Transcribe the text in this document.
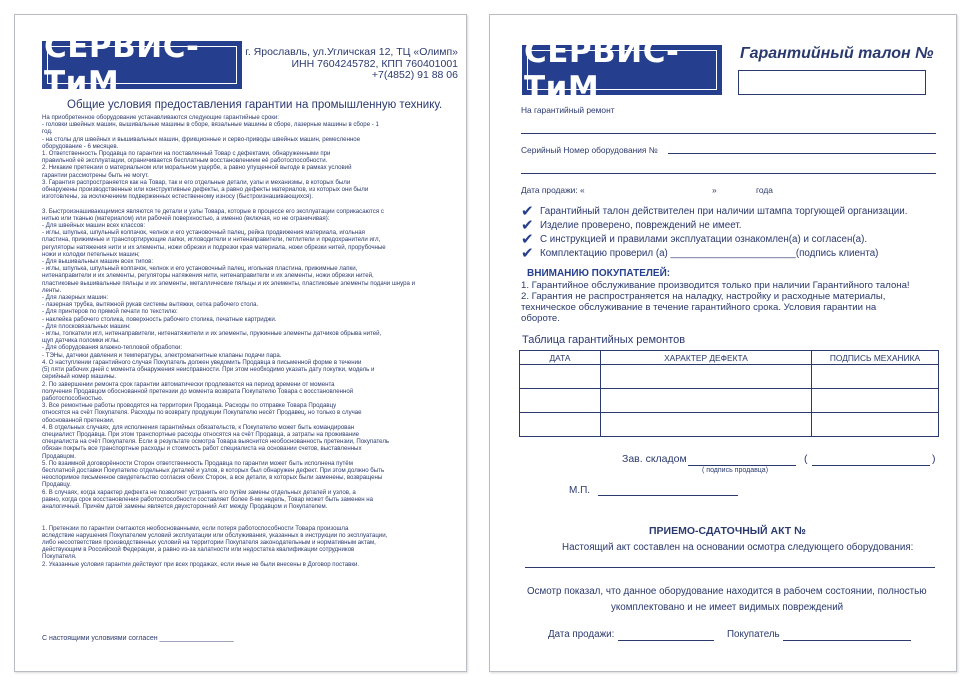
СЕРВИС-ТиМ
г. Ярославль, ул.Угличская 12, ТЦ «Олимп»
ИНН 7604245782, КПП 760401001
+7(4852) 91 88 06
Общие условия предоставления гарантии на промышленную технику.
На приобретенное оборудование устанавливаются следующие гарантийные сроки:
- головки швейных машин, вышивальные машины в сборе, вязальные машины в сборе, лазерные машины в сборе - 1
год.
- на столы для швейных и вышивальных машин, фрикционные и серво-приводы швейных машин, ремесленное
оборудование - 6 месяцев.
1. Ответственность Продавца по гарантии на поставленный Товар с дефектами, обнаруженными при
правильной её эксплуатации, ограничивается бесплатным восстановлением её работоспособности.
2. Никакие претензии о материальном или моральном ущербе, а равно упущенной выгоде в рамках условий
гарантии рассмотрены быть не могут.
3. Гарантия распространяется как на Товар, так и его отдельные детали, узлы и механизмы, в которых были
обнаружены производственные или конструктивные дефекты, а равно дефекты материалов, из которых они были
изготовлены, за исключением подверженных естественному износу (быстроизнашивающихся).
3. Быстроизнашивающимися являются те детали и узлы Товара, которые в процессе его эксплуатации соприкасаются с
нитью или тканью (материалом) или рабочей поверхностью, а именно (включая, но не ограничивая):
- Для швейных машин всех классов:
- иглы, шпулька, шпульный колпачок, челнок и его установочный палец, рейка продвижения материала, игольная
пластина, прижимные и транспортирующие лапки, игловодители и нитенаправители, петлители и предохранители игл,
регуляторы натяжения нити и их элементы, ножи обрезки и подрезки края материала, ножи обрезки нитей, прорубочные
ножи и колодки петельных машин;
- Для вышивальных машин всех типов:
- иглы, шпулька, шпульный колпачок, челнок и его установочный палец, игольная пластина, прижимные лапки,
нитенаправители и их элементы, регуляторы натяжения нити, нитенаправители и их элементы, ножи обрезки нитей,
пластиковые вышивальные пяльцы и их элементы, металлические пяльцы и их элементы, пластиковые элементы подачи шнура и
ленты.
- Для лазерных машин:
- лазерная трубка, вытяжной рукав системы вытяжки, сетка рабочего стола.
- Для принтеров по прямой печати по текстилю:
- наклейка рабочего столика, поверхность рабочего столика, печатные картриджи.
- Для плосковязальных машин:
- иглы, толкатели игл, нитенаправители, нитенатяжители и их элементы, пружинные элементы датчиков обрыва нитей,
щуп датчика поломки иглы.
- Для оборудования влажно-тепловой обработки:
- ТЭНы, датчики давления и температуры, электромагнитные клапаны подачи пара.
4. О наступлении гарантийного случая Покупатель должен уведомить Продавца в письменной форме в течении
(5) пяти рабочих дней с момента обнаружения неисправности. При этом необходимо указать дату покупки, модель и
серийный номер машины.
2. По завершении ремонта срок гарантии автоматически продлевается на период времени от момента
получения Продавцом обоснованной претензии до момента возврата Покупателю Товара с восстановленной
работоспособностью.
3. Все ремонтные работы проводятся на территории Продавца. Расходы по отправке Товара Продавцу
относятся на счёт Покупателя. Расходы по возврату продукции Покупателю несёт Продавец, но только в случае
обоснованной претензии.
4. В отдельных случаях, для исполнения гарантийных обязательств, к Покупателю может быть командирован
специалист Продавца. При этом транспортные расходы относятся на счёт Продавца, а затраты на проживание
специалиста на счёт Покупателя. Если в результате осмотра Товара выяснится необоснованность претензии, Покупатель
обязан покрыть все транспортные расходы и стоимость работ специалиста на основании счетов, выставленных
Продавцом.
5. По взаимной договорённости Сторон ответственность Продавца по гарантии может быть исполнена путём
бесплатной доставки Покупателю отдельных деталей и узлов, в которых был обнаружен дефект. При этом должно быть
неоспоримое письменное свидетельство согласия обеих Сторон, а все детали, в которых были заменены, возвращены
Продавцу.
6. В случаях, когда характер дефекта не позволяет устранить его путём замены отдельных деталей и узлов, а
равно, когда срок восстановления работоспособности составляет более 8-ми недель, Товар может быть заменен на
аналогичный. Причём датой замены является двухсторонний Акт между Продавцом и Покупателем.
1. Претензии по гарантии считаются необоснованными, если потеря работоспособности Товара произошла
вследствие нарушения Покупателем условий эксплуатации или обслуживания, указанных в инструкции по эксплуатации,
либо несоответствия производственных условий на территории Покупателя законодательным и нормативным актам,
действующим в Российской Федерации, а равно из-за халатности или недостатка квалификации сотрудников
Покупателя.
2. Указанные условия гарантии действуют при всех продажах, если иные не были внесены в Договор поставки.
С настоящими условиями согласен ___________________
СЕРВИС-ТиМ
Гарантийный талон №
На гарантийный ремонт
Серийный Номер оборудования №
Дата продажи: «	»	года
✔ Гарантийный талон действителен при наличии штампа торгующей организации.
✔ Изделие проверено, повреждений не имеет.
✔ С инструкцией и правилами эксплуатации ознакомлен(а) и согласен(а).
✔ Комплектацию проверил (а) _______________________(подпись клиента)
ВНИМАНИЮ ПОКУПАТЕЛЕЙ:
1. Гарантийное обслуживание производится только при наличии Гарантийного талона!
2. Гарантия не распространяется на наладку, настройку и расходные материалы,
техническое обслуживание в течение гарантийного срока. Условия гарантии на
обороте.
Таблица гарантийных ремонтов
ДАТА	ХАРАКТЕР ДЕФЕКТА	ПОДПИСЬ МЕХАНИКА

Зав. складом	(	)
( подпись продавца)
М.П.
ПРИЕМО-СДАТОЧНЫЙ АКТ №
Настоящий акт составлен на основании осмотра следующего оборудования:
Осмотр показал, что данное оборудование находится в рабочем состоянии, полностью
укомплектовано и не имеет видимых повреждений
Дата продажи:	Покупатель
